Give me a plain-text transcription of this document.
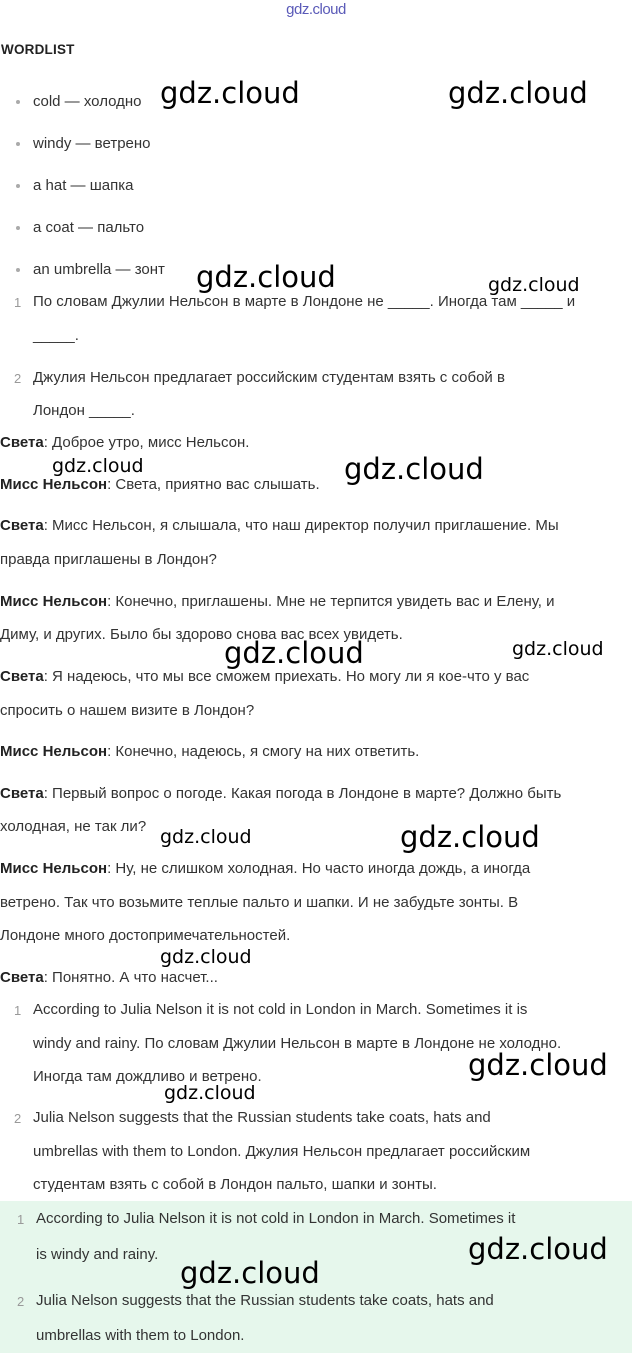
gdz.cloud
WORDLIST
cold — холодно
windy — ветрено
a hat — шапка
a coat — пальто
an umbrella — зонт
1 По словам Джулии Нельсон в марте в Лондоне не _____. Иногда там _____ и
_____.
2 Джулия Нельсон предлагает российским студентам взять с собой в
Лондон _____.
Света: Доброе утро, мисс Нельсон.
Мисс Нельсон: Света, приятно вас слышать.
Света: Мисс Нельсон, я слышала, что наш директор получил приглашение. Мы
правда приглашены в Лондон?
Мисс Нельсон: Конечно, приглашены. Мне не терпится увидеть вас и Елену, и
Диму, и других. Было бы здорово снова вас всех увидеть.
Света: Я надеюсь, что мы все сможем приехать. Но могу ли я кое-что у вас
спросить о нашем визите в Лондон?
Мисс Нельсон: Конечно, надеюсь, я смогу на них ответить.
Света: Первый вопрос о погоде. Какая погода в Лондоне в марте? Должно быть
холодная, не так ли?
Мисс Нельсон: Ну, не слишком холодная. Но часто иногда дождь, а иногда
ветрено. Так что возьмите теплые пальто и шапки. И не забудьте зонты. В
Лондоне много достопримечательностей.
Света: Понятно. А что насчет...
1 According to Julia Nelson it is not cold in London in March. Sometimes it is
windy and rainy. По словам Джулии Нельсон в марте в Лондоне не холодно.
Иногда там дождливо и ветрено.
2 Julia Nelson suggests that the Russian students take coats, hats and
umbrellas with them to London. Джулия Нельсон предлагает российским
студентам взять с собой в Лондон пальто, шапки и зонты.
1 According to Julia Nelson it is not cold in London in March. Sometimes it
is windy and rainy.
2 Julia Nelson suggests that the Russian students take coats, hats and
umbrellas with them to London.
gdz.cloud	gdz.cloud
gdz.cloud	gdz.cloud
gdz.cloud	gdz.cloud
gdz.cloud	gdz.cloud
gdz.cloud	gdz.cloud
gdz.cloud
gdz.cloud
gdz.cloud
gdz.cloud
gdz.cloud
